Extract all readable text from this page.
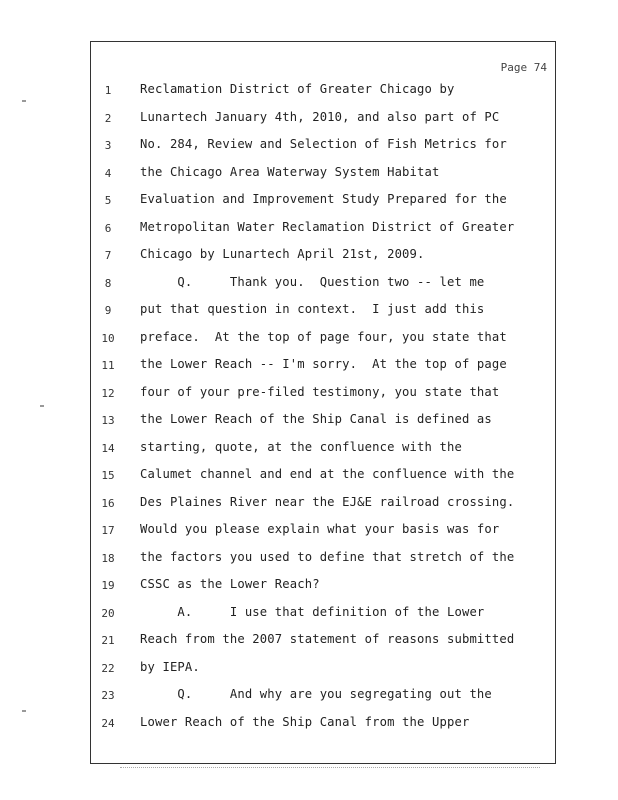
Page 74
1	Reclamation District of Greater Chicago by
2	Lunartech January 4th, 2010, and also part of PC
3	No. 284, Review and Selection of Fish Metrics for
4	the Chicago Area Waterway System Habitat
5	Evaluation and Improvement Study Prepared for the
6	Metropolitan Water Reclamation District of Greater
7	Chicago by Lunartech April 21st, 2009.
8	Q.     Thank you.  Question two -- let me
9	put that question in context.  I just add this
10	preface.  At the top of page four, you state that
11	the Lower Reach -- I'm sorry.  At the top of page
12	four of your pre-filed testimony, you state that
13	the Lower Reach of the Ship Canal is defined as
14	starting, quote, at the confluence with the
15	Calumet channel and end at the confluence with the
16	Des Plaines River near the EJ&E railroad crossing.
17	Would you please explain what your basis was for
18	the factors you used to define that stretch of the
19	CSSC as the Lower Reach?
20	A.     I use that definition of the Lower
21	Reach from the 2007 statement of reasons submitted
22	by IEPA.
23	Q.     And why are you segregating out the
24	Lower Reach of the Ship Canal from the Upper
